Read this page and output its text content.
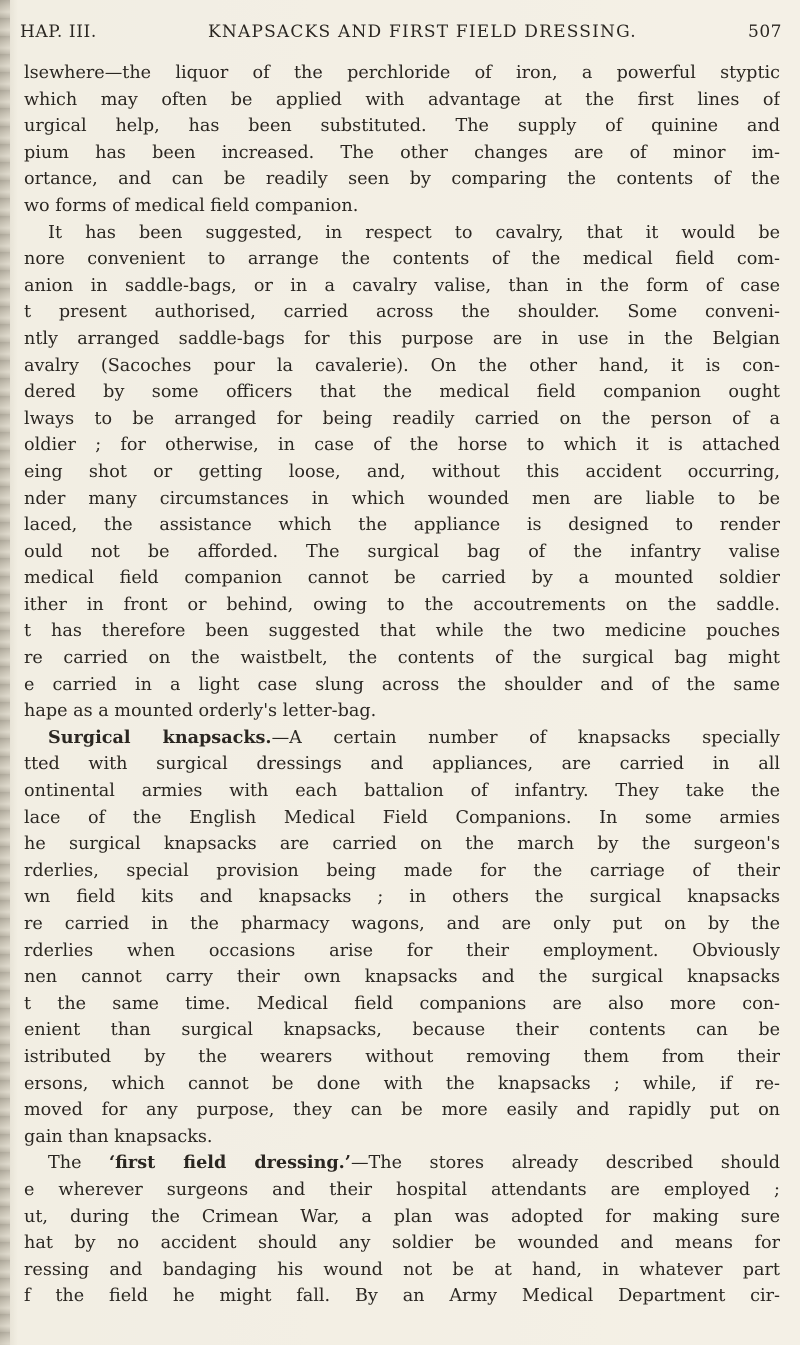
HAP. III.	KNAPSACKS AND FIRST FIELD DRESSING.	507
lsewhere—the liquor of the perchloride of iron, a powerful styptic
which may often be applied with advantage at the first lines of
urgical help, has been substituted. The supply of quinine and
pium has been increased. The other changes are of minor im-
ortance, and can be readily seen by comparing the contents of the
wo forms of medical field companion.
It has been suggested, in respect to cavalry, that it would be
nore convenient to arrange the contents of the medical field com-
anion in saddle-bags, or in a cavalry valise, than in the form of case
t present authorised, carried across the shoulder. Some conveni-
ntly arranged saddle-bags for this purpose are in use in the Belgian
avalry (Sacoches pour la cavalerie). On the other hand, it is con-
dered by some officers that the medical field companion ought
lways to be arranged for being readily carried on the person of a
oldier ; for otherwise, in case of the horse to which it is attached
eing shot or getting loose, and, without this accident occurring,
nder many circumstances in which wounded men are liable to be
laced, the assistance which the appliance is designed to render
ould not be afforded. The surgical bag of the infantry valise
medical field companion cannot be carried by a mounted soldier
ither in front or behind, owing to the accoutrements on the saddle.
t has therefore been suggested that while the two medicine pouches
re carried on the waistbelt, the contents of the surgical bag might
e carried in a light case slung across the shoulder and of the same
hape as a mounted orderly's letter-bag.
Surgical knapsacks.—A certain number of knapsacks specially
tted with surgical dressings and appliances, are carried in all
ontinental armies with each battalion of infantry. They take the
lace of the English Medical Field Companions. In some armies
he surgical knapsacks are carried on the march by the surgeon's
rderlies, special provision being made for the carriage of their
wn field kits and knapsacks ; in others the surgical knapsacks
re carried in the pharmacy wagons, and are only put on by the
rderlies when occasions arise for their employment. Obviously
nen cannot carry their own knapsacks and the surgical knapsacks
t the same time. Medical field companions are also more con-
enient than surgical knapsacks, because their contents can be
istributed by the wearers without removing them from their
ersons, which cannot be done with the knapsacks ; while, if re-
moved for any purpose, they can be more easily and rapidly put on
gain than knapsacks.
The ‘first field dressing.’—The stores already described should
e wherever surgeons and their hospital attendants are employed ;
ut, during the Crimean War, a plan was adopted for making sure
hat by no accident should any soldier be wounded and means for
ressing and bandaging his wound not be at hand, in whatever part
f the field he might fall. By an Army Medical Department cir-
